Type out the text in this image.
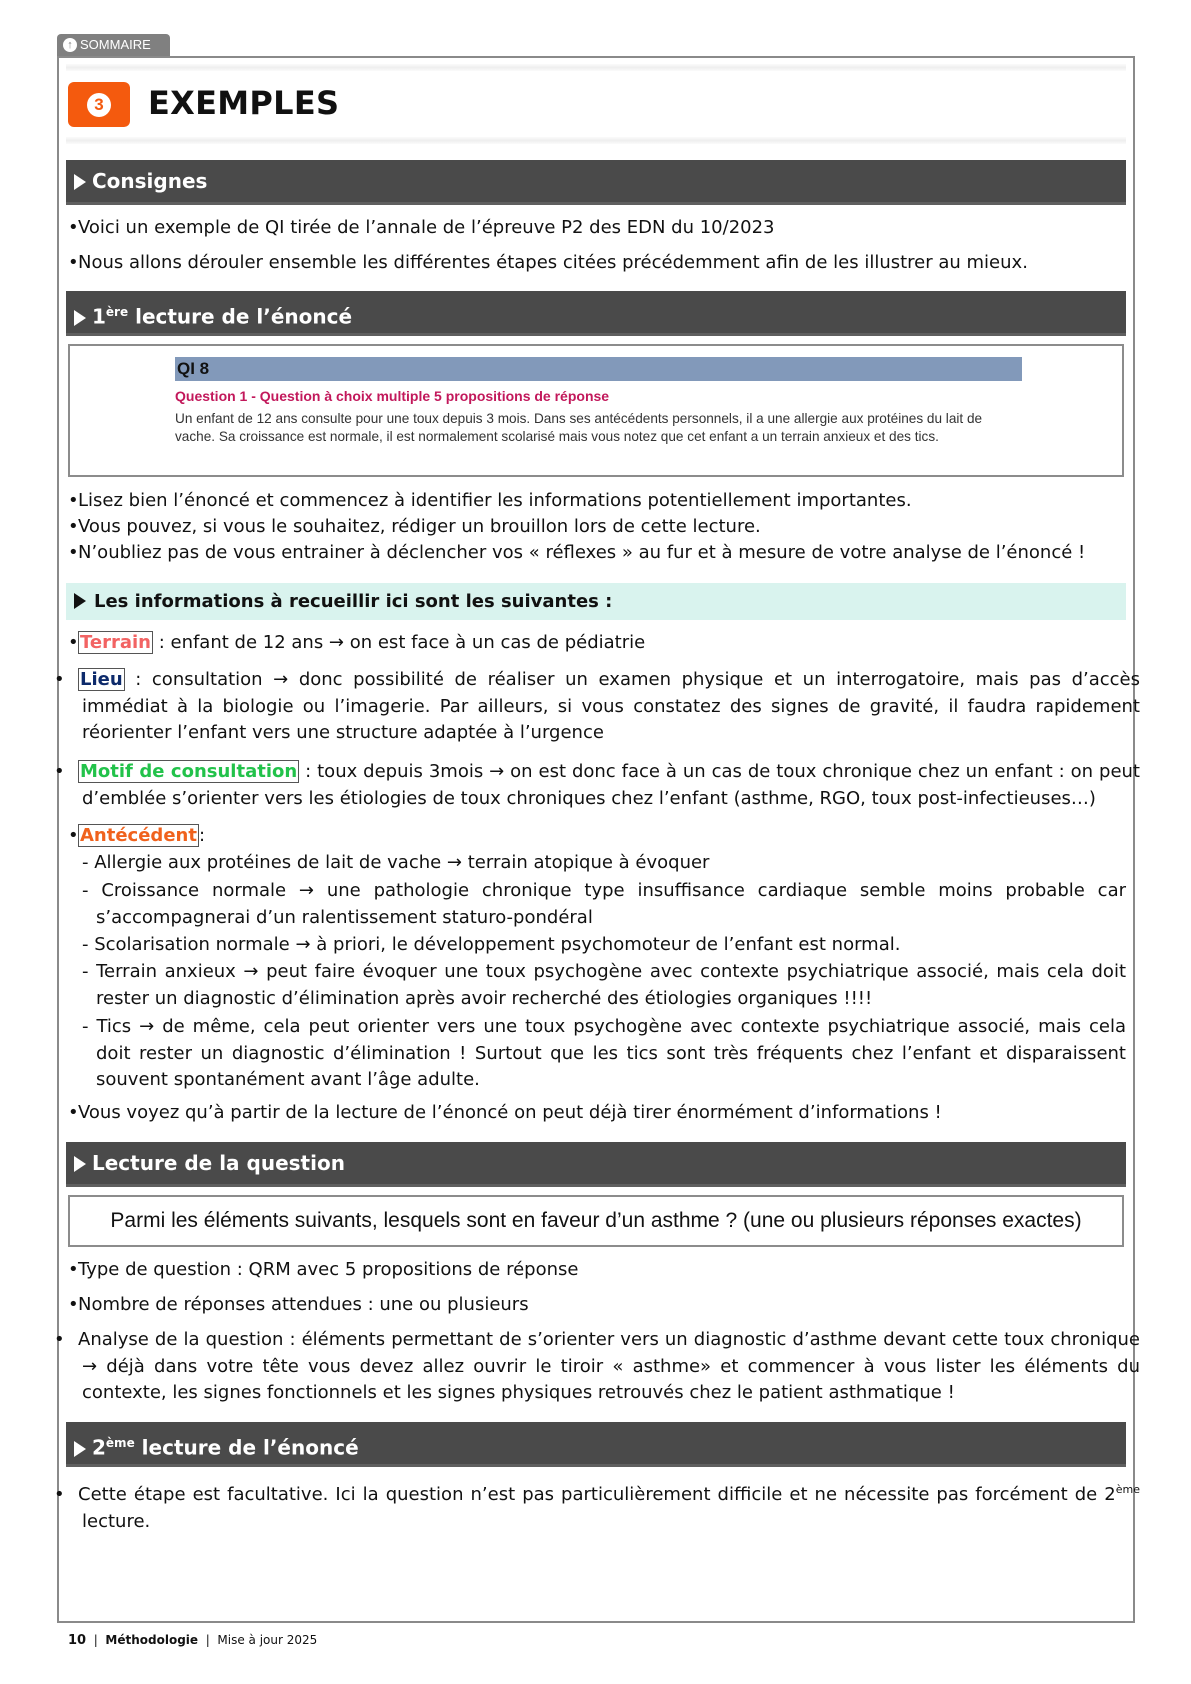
↑ SOMMAIRE
3 EXEMPLES
Consignes
•Voici un exemple de QI tirée de l’annale de l’épreuve P2 des EDN du 10/2023
•Nous allons dérouler ensemble les différentes étapes citées précédemment afin de les illustrer au mieux.
1ère lecture de l’énoncé
QI 8
Question 1 - Question à choix multiple 5 propositions de réponse
Un enfant de 12 ans consulte pour une toux depuis 3 mois. Dans ses antécédents personnels, il a une allergie aux protéines du lait de vache. Sa croissance est normale, il est normalement scolarisé mais vous notez que cet enfant a un terrain anxieux et des tics.
•Lisez bien l’énoncé et commencez à identifier les informations potentiellement importantes.
•Vous pouvez, si vous le souhaitez, rédiger un brouillon lors de cette lecture.
•N’oubliez pas de vous entrainer à déclencher vos « réflexes » au fur et à mesure de votre analyse de l’énoncé !
Les informations à recueillir ici sont les suivantes :
•Terrain : enfant de 12 ans → on est face à un cas de pédiatrie
• Lieu : consultation → donc possibilité de réaliser un examen physique et un interrogatoire, mais pas d’accès immédiat à la biologie ou l’imagerie. Par ailleurs, si vous constatez des signes de gravité, il faudra rapidement réorienter l’enfant vers une structure adaptée à l’urgence
• Motif de consultation : toux depuis 3mois → on est donc face à un cas de toux chronique chez un enfant : on peut d’emblée s’orienter vers les étiologies de toux chroniques chez l’enfant (asthme, RGO, toux post-infectieuses…)
•Antécédent :
- Allergie aux protéines de lait de vache → terrain atopique à évoquer
- Croissance normale → une pathologie chronique type insuffisance cardiaque semble moins probable car s’accompagnerai d’un ralentissement staturo-pondéral
- Scolarisation normale → à priori, le développement psychomoteur de l’enfant est normal.
- Terrain anxieux → peut faire évoquer une toux psychogène avec contexte psychiatrique associé, mais cela doit rester un diagnostic d’élimination après avoir recherché des étiologies organiques !!!!
- Tics → de même, cela peut orienter vers une toux psychogène avec contexte psychiatrique associé, mais cela doit rester un diagnostic d’élimination ! Surtout que les tics sont très fréquents chez l’enfant et disparaissent souvent spontanément avant l’âge adulte.
•Vous voyez qu’à partir de la lecture de l’énoncé on peut déjà tirer énormément d’informations !
Lecture de la question
Parmi les éléments suivants, lesquels sont en faveur d’un asthme ? (une ou plusieurs réponses exactes)
•Type de question : QRM avec 5 propositions de réponse
•Nombre de réponses attendues : une ou plusieurs
• Analyse de la question : éléments permettant de s’orienter vers un diagnostic d’asthme devant cette toux chronique → déjà dans votre tête vous devez allez ouvrir le tiroir « asthme» et commencer à vous lister les éléments du contexte, les signes fonctionnels et les signes physiques retrouvés chez le patient asthmatique !
2ème lecture de l’énoncé
• Cette étape est facultative. Ici la question n’est pas particulièrement difficile et ne nécessite pas forcément de 2ème lecture.
10 | Méthodologie | Mise à jour 2025
